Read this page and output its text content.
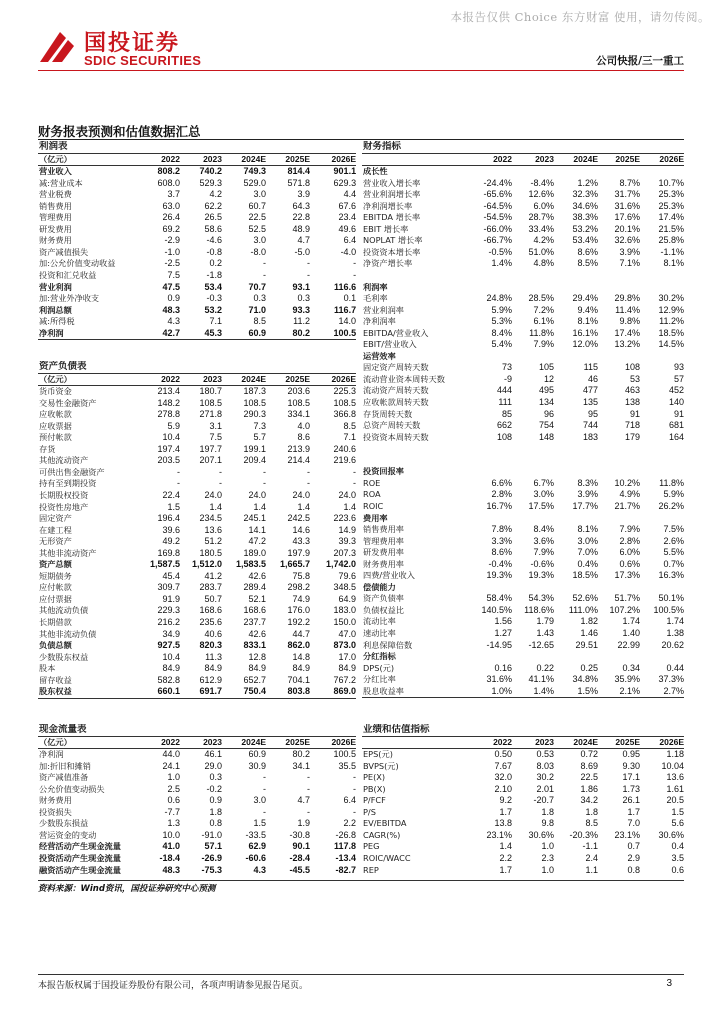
本报告仅供 Choice 东方财富 使用，请勿传阅。
国投证券
SDIC SECURITIES	公司快报/三一重工
财务报表预测和估值数据汇总
利润表					
（亿元）	2022	2023	2024E	2025E	2026E
营业收入	808.2	740.2	749.3	814.4	901.1
减:营业成本	608.0	529.3	529.0	571.8	629.3
营业税费	3.7	4.2	3.0	3.9	4.4
销售费用	63.0	62.2	60.7	64.3	67.6
管理费用	26.4	26.5	22.5	22.8	23.4
研发费用	69.2	58.6	52.5	48.9	49.6
财务费用	-2.9	-4.6	3.0	4.7	6.4
资产减值损失	-1.0	-0.8	-8.0	-5.0	-4.0
加:公允价值变动收益	-2.5	0.2	-	-	-
投资和汇兑收益	7.5	-1.8	-	-	-
营业利润	47.5	53.4	70.7	93.1	116.6
加:营业外净收支	0.9	-0.3	0.3	0.3	0.1
利润总额	48.3	53.2	71.0	93.3	116.7
减:所得税	4.3	7.1	8.5	11.2	14.0
净利润	42.7	45.3	60.9	80.2	100.5
资产负债表					
（亿元）	2022	2023	2024E	2025E	2026E
货币资金	213.4	180.7	187.3	203.6	225.3
交易性金融资产	148.2	108.5	108.5	108.5	108.5
应收帐款	278.8	271.8	290.3	334.1	366.8
应收票据	5.9	3.1	7.3	4.0	8.5
预付帐款	10.4	7.5	5.7	8.6	7.1
存货	197.4	197.7	199.1	213.9	240.6
其他流动资产	203.5	207.1	209.4	214.4	219.6
可供出售金融资产	-	-	-	-	-
持有至到期投资	-	-	-	-	-
长期股权投资	22.4	24.0	24.0	24.0	24.0
投资性房地产	1.5	1.4	1.4	1.4	1.4
固定资产	196.4	234.5	245.1	242.5	223.6
在建工程	39.6	13.6	14.1	14.6	14.9
无形资产	49.2	51.2	47.2	43.3	39.3
其他非流动资产	169.8	180.5	189.0	197.9	207.3
资产总额	1,587.5	1,512.0	1,583.5	1,665.7	1,742.0
短期债务	45.4	41.2	42.6	75.8	79.6
应付帐款	309.7	283.7	289.4	298.2	348.5
应付票据	91.9	50.7	52.1	74.9	64.9
其他流动负债	229.3	168.6	168.6	176.0	183.0
长期借款	216.2	235.6	237.7	192.2	150.0
其他非流动负债	34.9	40.6	42.6	44.7	47.0
负债总额	927.5	820.3	833.1	862.0	873.0
少数股东权益	10.4	11.3	12.8	14.8	17.0
股本	84.9	84.9	84.9	84.9	84.9
留存收益	582.8	612.9	652.7	704.1	767.2
股东权益	660.1	691.7	750.4	803.8	869.0
现金流量表					
（亿元）	2022	2023	2024E	2025E	2026E
净利润	44.0	46.1	60.9	80.2	100.5
加:折旧和摊销	24.1	29.0	30.9	34.1	35.5
资产减值准备	1.0	0.3	-	-	-
公允价值变动损失	2.5	-0.2	-	-	-
财务费用	0.6	0.9	3.0	4.7	6.4
投资损失	-7.7	1.8	-	-	-
少数股东损益	1.3	0.8	1.5	1.9	2.2
营运资金的变动	10.0	-91.0	-33.5	-30.8	-26.8
经营活动产生现金流量	41.0	57.1	62.9	90.1	117.8
投资活动产生现金流量	-18.4	-26.9	-60.6	-28.4	-13.4
融资活动产生现金流量	48.3	-75.3	4.3	-45.5	-82.7
财务指标					
	2022	2023	2024E	2025E	2026E
成长性					
营业收入增长率	-24.4%	-8.4%	1.2%	8.7%	10.7%
营业利润增长率	-65.6%	12.6%	32.3%	31.7%	25.3%
净利润增长率	-64.5%	6.0%	34.6%	31.6%	25.3%
EBITDA 增长率	-54.5%	28.7%	38.3%	17.6%	17.4%
EBIT 增长率	-66.0%	33.4%	53.2%	20.1%	21.5%
NOPLAT 增长率	-66.7%	4.2%	53.4%	32.6%	25.8%
投资资本增长率	-0.5%	51.0%	8.6%	3.9%	-1.1%
净资产增长率	1.4%	4.8%	8.5%	7.1%	8.1%

利润率					
毛利率	24.8%	28.5%	29.4%	29.8%	30.2%
营业利润率	5.9%	7.2%	9.4%	11.4%	12.9%
净利润率	5.3%	6.1%	8.1%	9.8%	11.2%
EBITDA/营业收入	8.4%	11.8%	16.1%	17.4%	18.5%
EBIT/营业收入	5.4%	7.9%	12.0%	13.2%	14.5%
运营效率					
固定资产周转天数	73	105	115	108	93
流动营业资本周转天数	-9	12	46	53	57
流动资产周转天数	444	495	477	463	452
应收帐款周转天数	111	134	135	138	140
存货周转天数	85	96	95	91	91
总资产周转天数	662	754	744	718	681
投资资本周转天数	108	148	183	179	164

投资回报率					
ROE	6.6%	6.7%	8.3%	10.2%	11.8%
ROA	2.8%	3.0%	3.9%	4.9%	5.9%
ROIC	16.7%	17.5%	17.7%	21.7%	26.2%
费用率					
销售费用率	7.8%	8.4%	8.1%	7.9%	7.5%
管理费用率	3.3%	3.6%	3.0%	2.8%	2.6%
研发费用率	8.6%	7.9%	7.0%	6.0%	5.5%
财务费用率	-0.4%	-0.6%	0.4%	0.6%	0.7%
四费/营业收入	19.3%	19.3%	18.5%	17.3%	16.3%
偿债能力					
资产负债率	58.4%	54.3%	52.6%	51.7%	50.1%
负债权益比	140.5%	118.6%	111.0%	107.2%	100.5%
流动比率	1.56	1.79	1.82	1.74	1.74
速动比率	1.27	1.43	1.46	1.40	1.38
利息保障倍数	-14.95	-12.65	29.51	22.99	20.62
分红指标					
DPS(元)	0.16	0.22	0.25	0.34	0.44
分红比率	31.6%	41.1%	34.8%	35.9%	37.3%
股息收益率	1.0%	1.4%	1.5%	2.1%	2.7%
业绩和估值指标					
	2022	2023	2024E	2025E	2026E
EPS(元)	0.50	0.53	0.72	0.95	1.18
BVPS(元)	7.67	8.03	8.69	9.30	10.04
PE(X)	32.0	30.2	22.5	17.1	13.6
PB(X)	2.10	2.01	1.86	1.73	1.61
P/FCF	9.2	-20.7	34.2	26.1	20.5
P/S	1.7	1.8	1.8	1.7	1.5
EV/EBITDA	13.8	9.8	8.5	7.0	5.6
CAGR(%)	23.1%	30.6%	-20.3%	23.1%	30.6%
PEG	1.4	1.0	-1.1	0.7	0.4
ROIC/WACC	2.2	2.3	2.4	2.9	3.5
REP	1.7	1.0	1.1	0.8	0.6
资料来源：Wind资讯，国投证券研究中心预测
本报告版权属于国投证券股份有限公司，各项声明请参见报告尾页。	3
